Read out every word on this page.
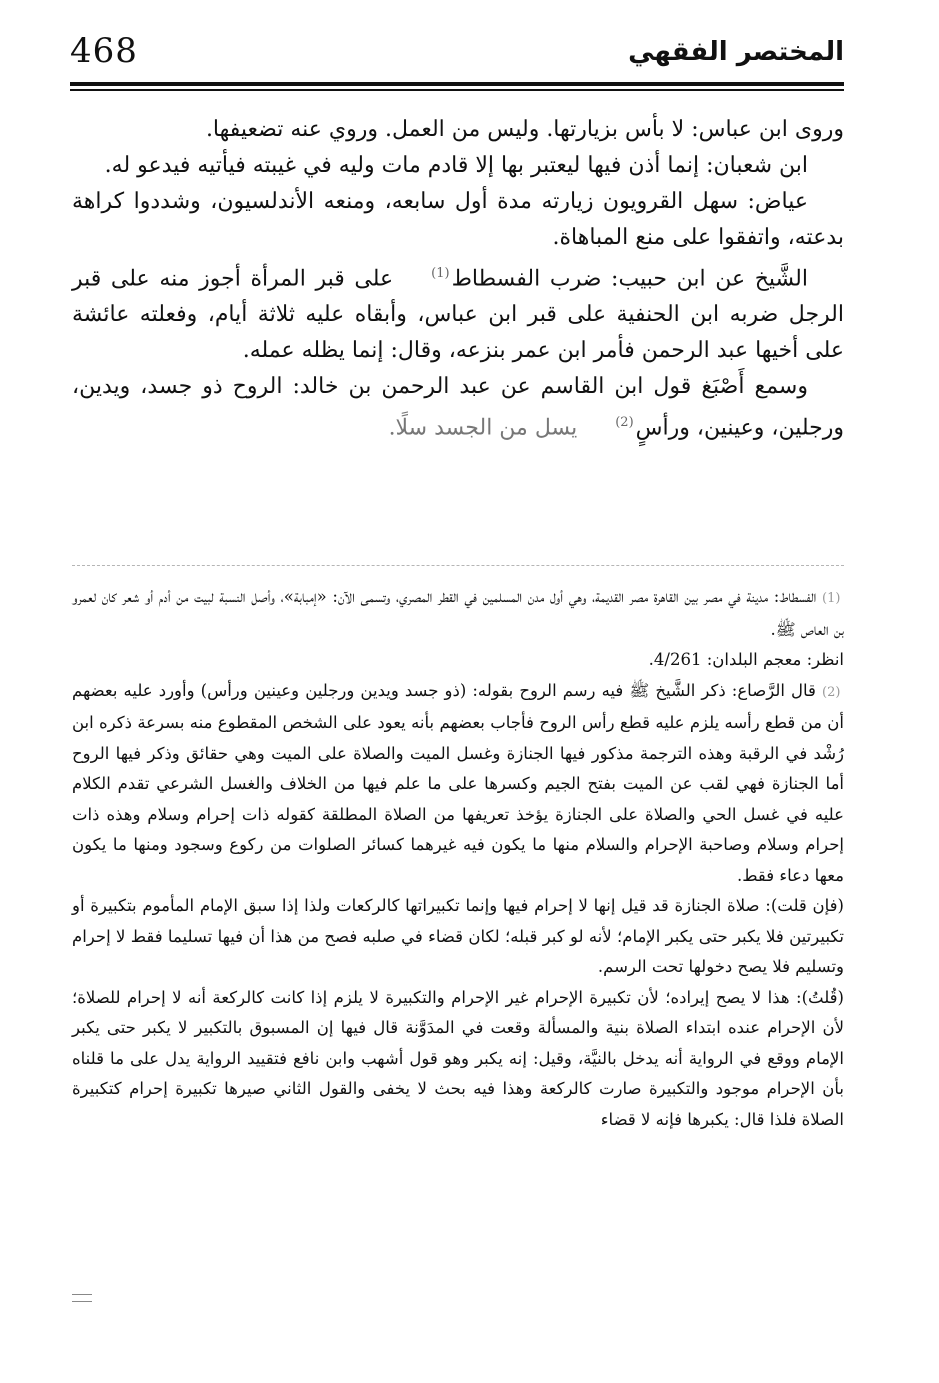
468	المختصر الفقهي

وروى ابن عباس: لا بأس بزيارتها. وليس من العمل. وروي عنه تضعيفها.

ابن شعبان: إنما أذن فيها ليعتبر بها إلا قادم مات وليه في غيبته فيأتيه فيدعو له.

عياض: سهل القرويون زيارته مدة أول سابعه، ومنعه الأندلسيون، وشددوا كراهة بدعته، واتفقوا على منع المباهاة.

الشَّيخ عن ابن حبيب: ضرب الفسطاط(1)على قبر المرأة أجوز منه على قبر الرجل ضربه ابن الحنفية على قبر ابن عباس، وأبقاه عليه ثلاثة أيام، وفعلته عائشة على أخيها عبد الرحمن فأمر ابن عمر بنزعه، وقال: إنما يظله عمله.

وسمع أَصْبَغ قول ابن القاسم عن عبد الرحمن بن خالد: الروح ذو جسد، ويدين، ورجلين، وعينين، ورأسٍ(2)يسل من الجسد سلًا.

(1) الفسطاط: مدينة في مصر بين القاهرة مصر القديمة، وهي أول مدن المسلمين في القطر المصري، وتسمى الآن: «إمبابة»، وأصل النسبة لبيت من أدم أو شعر كان لعمرو بن العاص ﷺ.

انظر: معجم البلدان: 4/261.

(2) قال الرَّصاع: ذكر الشَّيخ ﷺ فيه رسم الروح بقوله: (ذو جسد ويدين ورجلين وعينين ورأس) وأورد عليه بعضهم أن من قطع رأسه يلزم عليه قطع رأس الروح فأجاب بعضهم بأنه يعود على الشخص المقطوع منه بسرعة ذكره ابن رُشْد في الرقبة وهذه الترجمة مذكور فيها الجنازة وغسل الميت والصلاة على الميت وهي حقائق وذكر فيها الروح أما الجنازة فهي لقب عن الميت بفتح الجيم وكسرها على ما علم فيها من الخلاف والغسل الشرعي تقدم الكلام عليه في غسل الحي والصلاة على الجنازة يؤخذ تعريفها من الصلاة المطلقة كقوله ذات إحرام وسلام وهذه ذات إحرام وسلام وصاحبة الإحرام والسلام منها ما يكون فيه غيرهما كسائر الصلوات من ركوع وسجود ومنها ما يكون معها دعاء فقط.

(فإن قلت): صلاة الجنازة قد قيل إنها لا إحرام فيها وإنما تكبيراتها كالركعات ولذا إذا سبق الإمام المأموم بتكبيرة أو تكبيرتين فلا يكبر حتى يكبر الإمام؛ لأنه لو كبر قبله؛ لكان قضاء في صلبه فصح من هذا أن فيها تسليما فقط لا إحرام وتسليم فلا يصح دخولها تحت الرسم.

(قُلتُ): هذا لا يصح إيراده؛ لأن تكبيرة الإحرام غير الإحرام والتكبيرة لا يلزم إذا كانت كالركعة أنه لا إحرام للصلاة؛ لأن الإحرام عنده ابتداء الصلاة بنية والمسألة وقعت في المدَوَّنة قال فيها إن المسبوق بالتكبير لا يكبر حتى يكبر الإمام ووقع في الرواية أنه يدخل بالنيَّة، وقيل: إنه يكبر وهو قول أشهب وابن نافع فتقييد الرواية يدل على ما قلناه بأن الإحرام موجود والتكبيرة صارت كالركعة وهذا فيه بحث لا يخفى والقول الثاني صيرها تكبيرة إحرام كتكبيرة الصلاة فلذا قال: يكبرها فإنه لا قضاء
